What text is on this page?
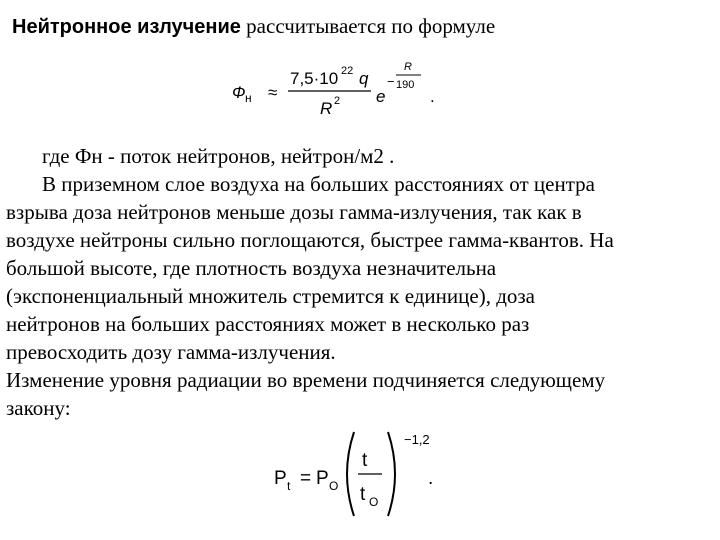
Нейтронное излучение рассчитывается по формуле
Ф н ≈
7,5·10 22 q
R 2 e
−
R
190
.
где Фн - поток нейтронов, нейтрон/м2 .
В приземном слое воздуха на больших расстояниях от центра
взрыва доза нейтронов меньше дозы гамма-излучения, так как в
воздухе нейтроны сильно поглощаются, быстрее гамма-квантов. На
большой высоте, где плотность воздуха незначительна
(экспоненциальный множитель стремится к единице), доза
нейтронов на больших расстояниях может в несколько раз
превосходить дозу гамма-излучения.
Изменение уровня радиации во времени подчиняется следующему
закону:
P t = P O
t
t O
−1,2
.
